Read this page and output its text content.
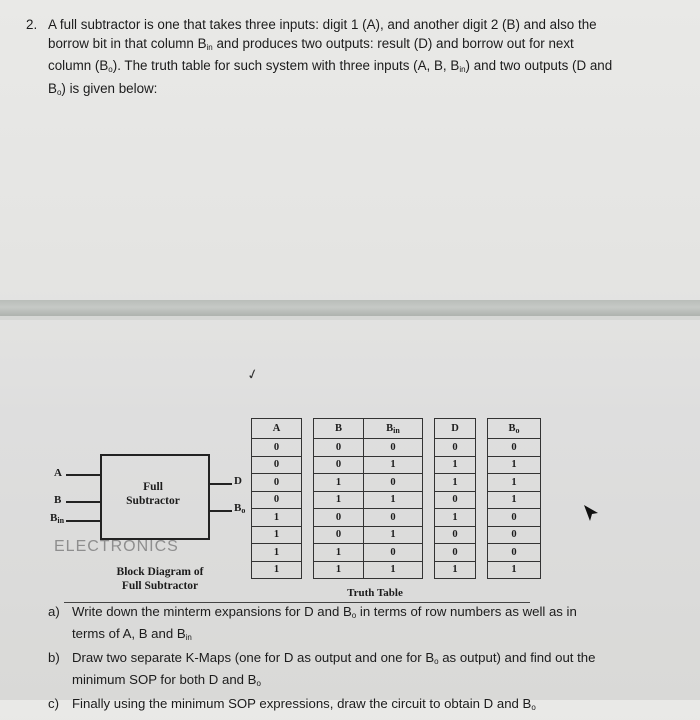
2. A full subtractor is one that takes three inputs: digit 1 (A), and another digit 2 (B) and also the
borrow bit in that column $B_{in}$ and produces two outputs: result (D) and borrow out for next
column $(B_o)$. The truth table for such system with three inputs (A, B, $B_{in}$) and two outputs (D and
$B_o$) is given below:
✓
Full
Subtractor
A
B
$B_{in}$
D
$B_o$
ELECTRONICS
Block Diagram of
Full Subtractor
A		B	$B_{in}$		D		$B_o$
0		0	0		0		0
0		0	1		1		1
0		1	0		1		1
0		1	1		0		1
1		0	0		1		0
1		0	1		0		0
1		1	0		0		0
1		1	1		1		1
Truth Table
a) Write down the minterm expansions for D and $B_o$ in terms of row numbers as well as in
terms of A, B and $B_{in}$
b) Draw two separate K-Maps (one for D as output and one for $B_o$ as output) and find out the
minimum SOP for both D and $B_o$
c) Finally using the minimum SOP expressions, draw the circuit to obtain D and $B_o$
